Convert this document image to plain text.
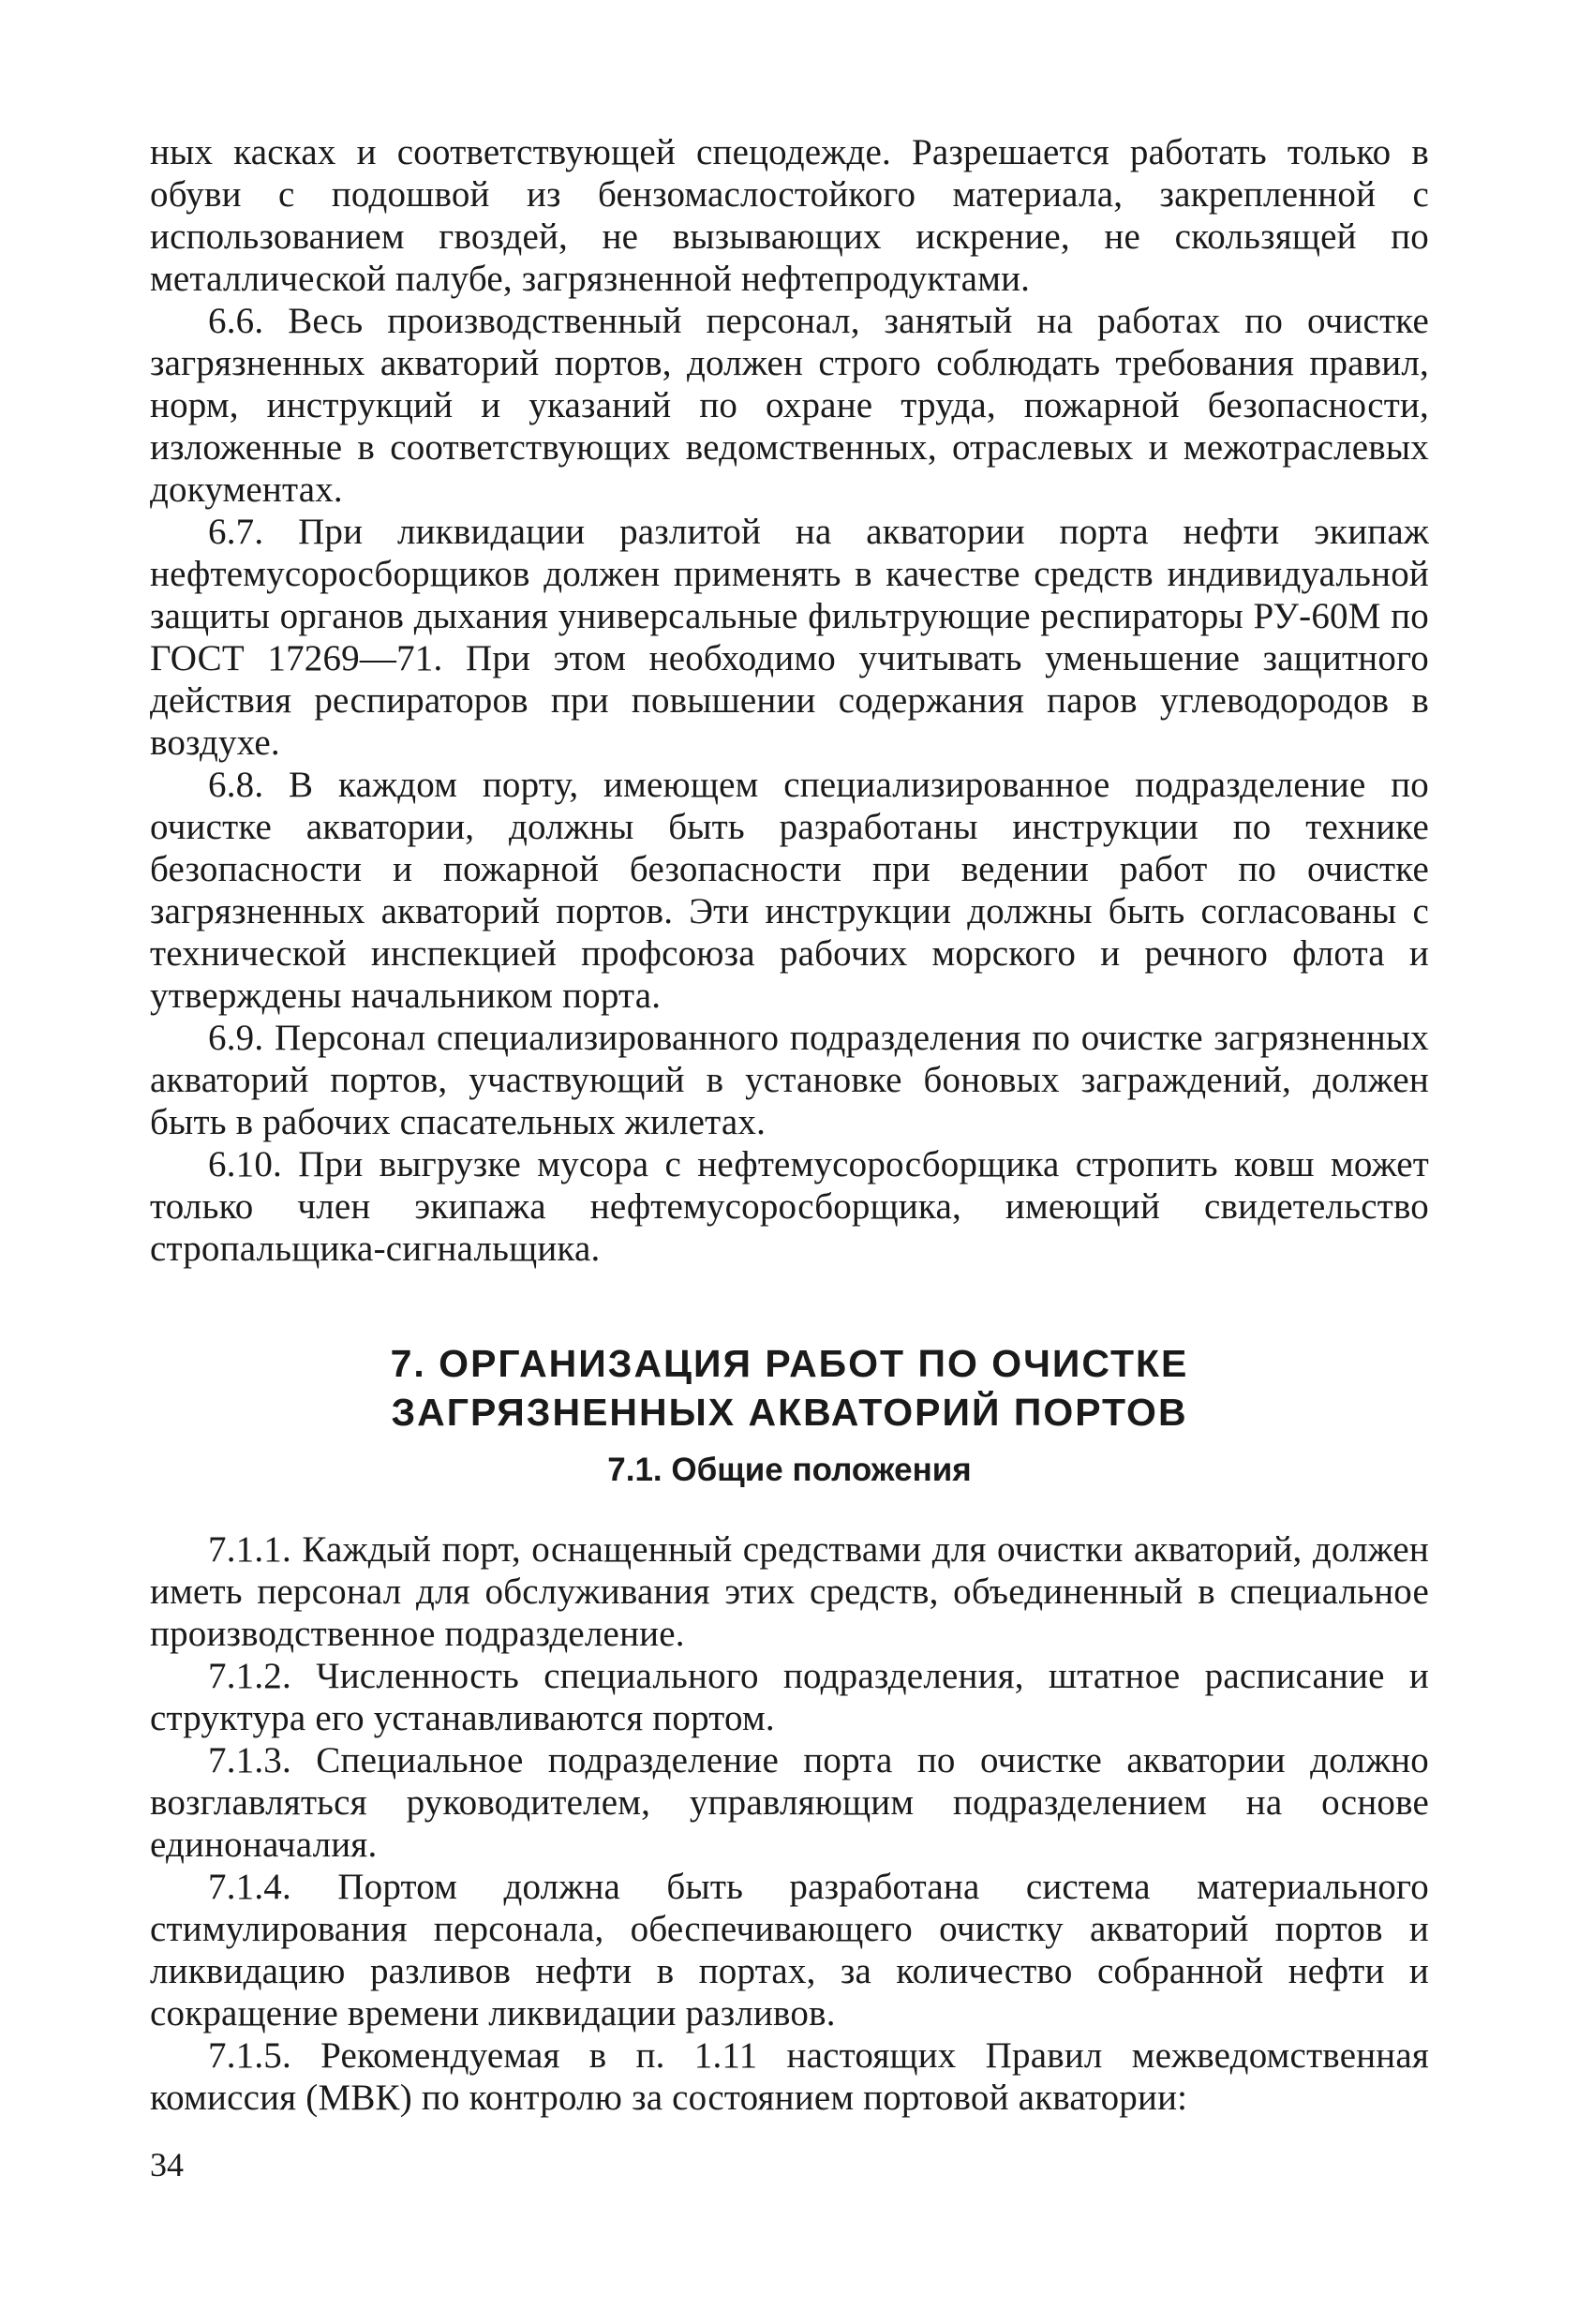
ных касках и соответствующей спецодежде. Разрешается работать только в обуви с подошвой из бензомаслостойкого материала, закрепленной с использованием гвоздей, не вызывающих искрение, не скользящей по металлической палубе, загрязненной нефтепродуктами.

6.6. Весь производственный персонал, занятый на работах по очистке загрязненных акваторий портов, должен строго соблюдать требования правил, норм, инструкций и указаний по охране труда, пожарной безопасности, изложенные в соответствующих ведомственных, отраслевых и межотраслевых документах.

6.7. При ликвидации разлитой на акватории порта нефти экипаж нефтемусоросборщиков должен применять в качестве средств индивидуальной защиты органов дыхания универсальные фильтрующие респираторы РУ-60М по ГОСТ 17269—71. При этом необходимо учитывать уменьшение защитного действия респираторов при повышении содержания паров углеводородов в воздухе.

6.8. В каждом порту, имеющем специализированное подразделение по очистке акватории, должны быть разработаны инструкции по технике безопасности и пожарной безопасности при ведении работ по очистке загрязненных акваторий портов. Эти инструкции должны быть согласованы с технической инспекцией профсоюза рабочих морского и речного флота и утверждены начальником порта.

6.9. Персонал специализированного подразделения по очистке загрязненных акваторий портов, участвующий в установке боновых заграждений, должен быть в рабочих спасательных жилетах.

6.10. При выгрузке мусора с нефтемусоросборщика стропить ковш может только член экипажа нефтемусоросборщика, имеющий свидетельство стропальщика-сигнальщика.

7. ОРГАНИЗАЦИЯ РАБОТ ПО ОЧИСТКЕ
ЗАГРЯЗНЕННЫХ АКВАТОРИЙ ПОРТОВ
7.1. Общие положения

7.1.1. Каждый порт, оснащенный средствами для очистки акваторий, должен иметь персонал для обслуживания этих средств, объединенный в специальное производственное подразделение.

7.1.2. Численность специального подразделения, штатное расписание и структура его устанавливаются портом.

7.1.3. Специальное подразделение порта по очистке акватории должно возглавляться руководителем, управляющим подразделением на основе единоначалия.

7.1.4. Портом должна быть разработана система материального стимулирования персонала, обеспечивающего очистку акваторий портов и ликвидацию разливов нефти в портах, за количество собранной нефти и сокращение времени ликвидации разливов.

7.1.5. Рекомендуемая в п. 1.11 настоящих Правил межведомственная комиссия (МВК) по контролю за состоянием портовой акватории:

34
